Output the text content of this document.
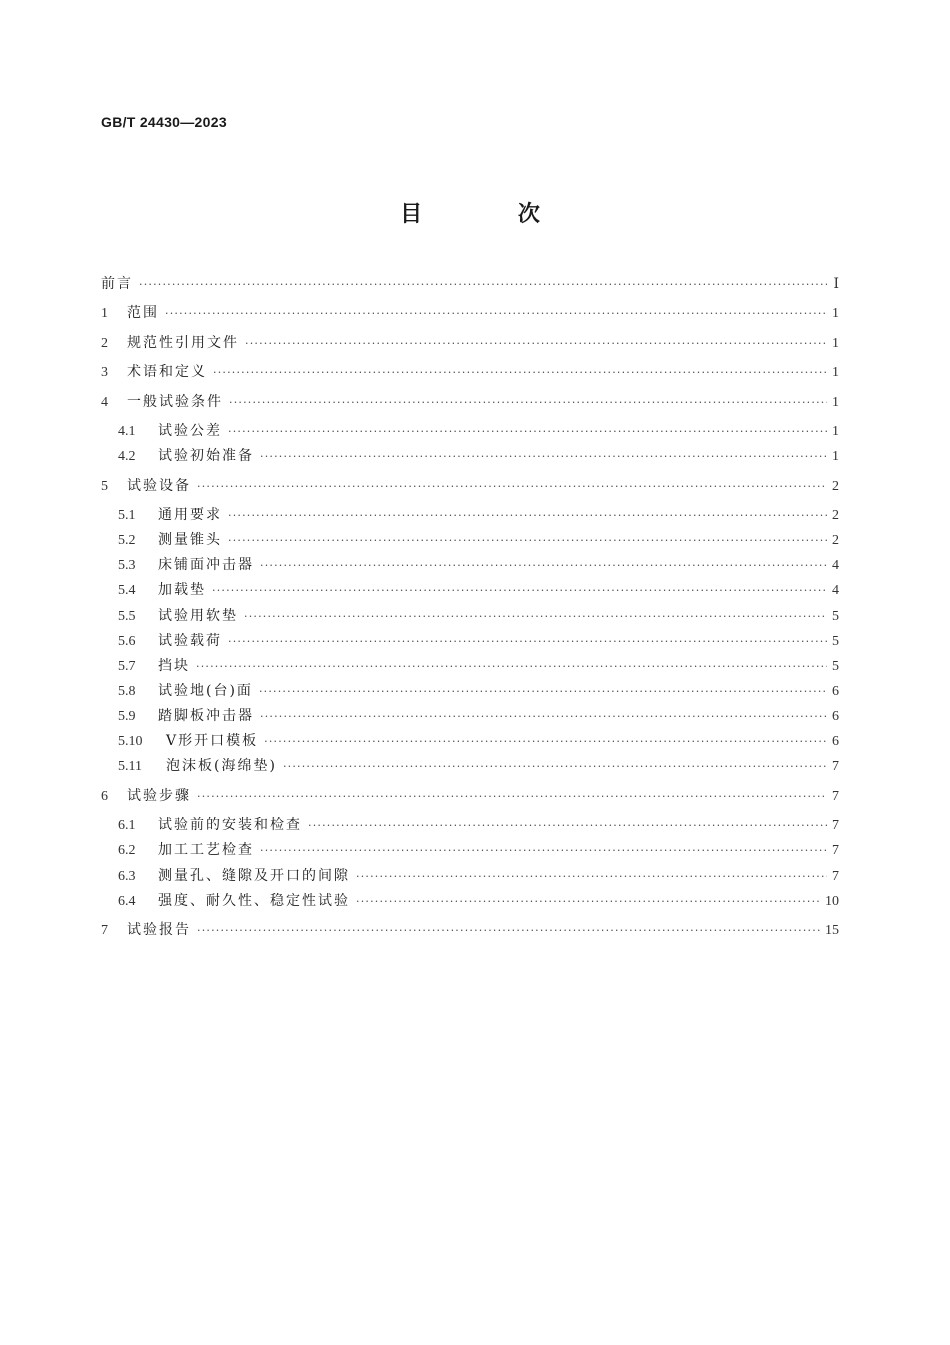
GB/T 24430—2023
目 次
前言 ·····	Ⅰ
1	范围 ·····	1
2	规范性引用文件 ·····	1
3	术语和定义 ·····	1
4	一般试验条件 ·····	1
4.1	试验公差 ·····	1
4.2	试验初始准备 ·····	1
5	试验设备 ·····	2
5.1	通用要求 ·····	2
5.2	测量锥头 ·····	2
5.3	床铺面冲击器 ·····	4
5.4	加载垫 ·····	4
5.5	试验用软垫 ·····	5
5.6	试验载荷 ·····	5
5.7	挡块 ·····	5
5.8	试验地(台)面 ·····	6
5.9	踏脚板冲击器 ·····	6
5.10	V形开口模板 ·····	6
5.11	泡沫板(海绵垫) ·····	7
6	试验步骤 ·····	7
6.1	试验前的安装和检查 ·····	7
6.2	加工工艺检查 ·····	7
6.3	测量孔、缝隙及开口的间隙 ·····	7
6.4	强度、耐久性、稳定性试验 ·····	10
7	试验报告 ·····	15
